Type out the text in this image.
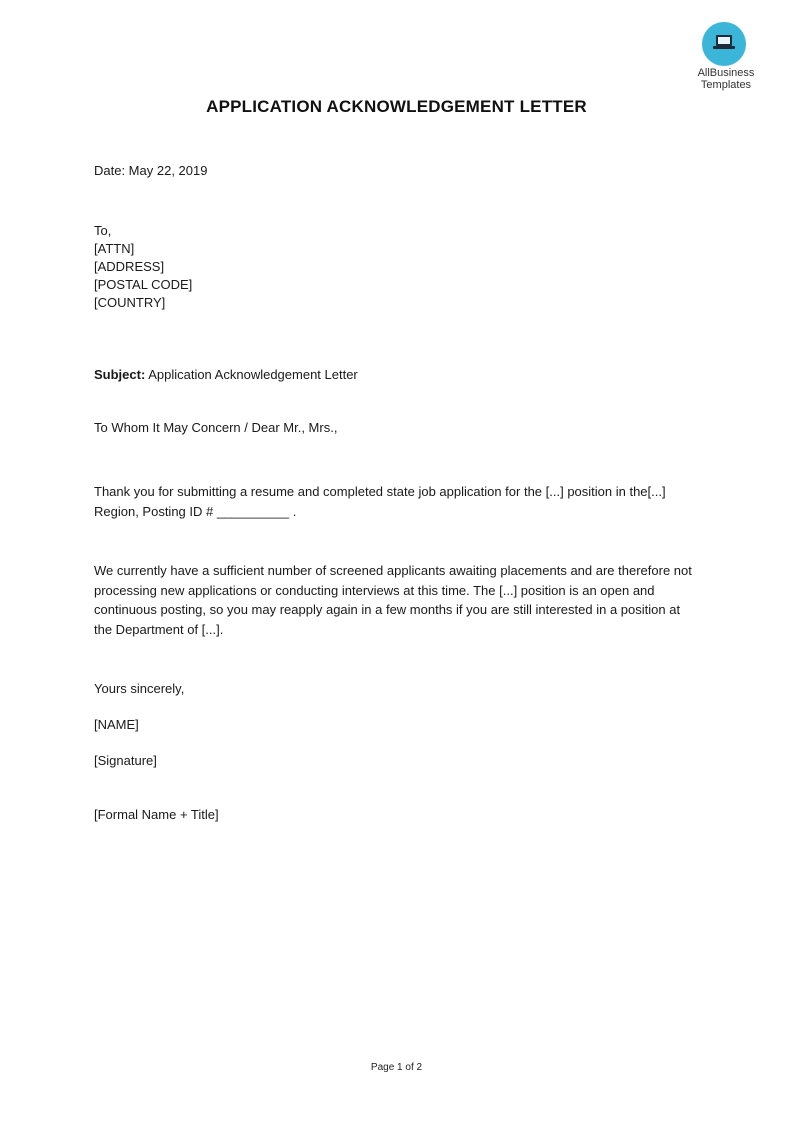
AllBusiness
Templates
APPLICATION ACKNOWLEDGEMENT LETTER
Date: May 22, 2019
To,
[ATTN]
[ADDRESS]
[POSTAL CODE]
[COUNTRY]
Subject: Application Acknowledgement Letter
To Whom It May Concern / Dear Mr., Mrs.,
Thank you for submitting a resume and completed state job application for the [...] position in the[...] Region, Posting ID # __________ .
We currently have a sufficient number of screened applicants awaiting placements and are therefore not processing new applications or conducting interviews at this time. The [...] position is an open and continuous posting, so you may reapply again in a few months if you are still interested in a position at the Department of [...].
Yours sincerely,
[NAME]
[Signature]
[Formal Name + Title]
Page 1 of 2
